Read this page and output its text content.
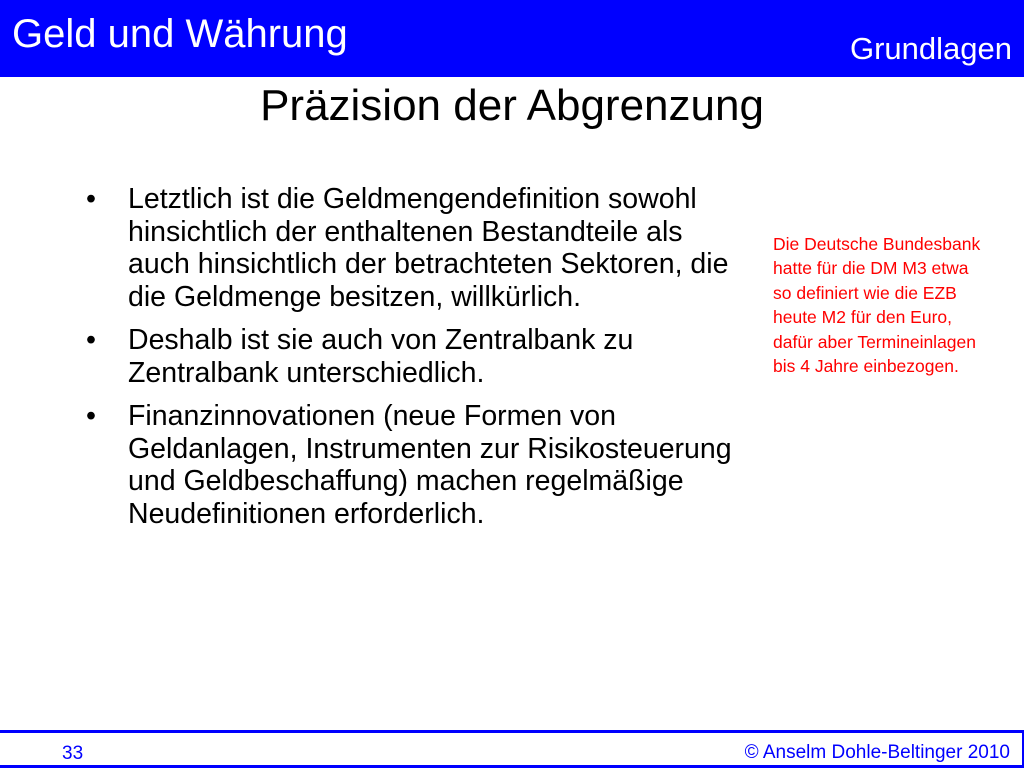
Geld und Währung	Grundlagen
Präzision der Abgrenzung
• Letztlich ist die Geldmengendefinition sowohl hinsichtlich der enthaltenen Bestandteile als auch hinsichtlich der betrachteten Sektoren, die die Geldmenge besitzen, willkürlich.
• Deshalb ist sie auch von Zentralbank zu Zentralbank unterschiedlich.
• Finanzinnovationen (neue Formen von Geldanlagen, Instrumenten zur Risikosteuerung und Geldbeschaffung) machen regelmäßige Neudefinitionen erforderlich.

Die Deutsche Bundesbank hatte für die DM M3 etwa so definiert wie die EZB heute M2 für den Euro, dafür aber Termineinlagen bis 4 Jahre einbezogen.

33	© Anselm Dohle-Beltinger 2010
